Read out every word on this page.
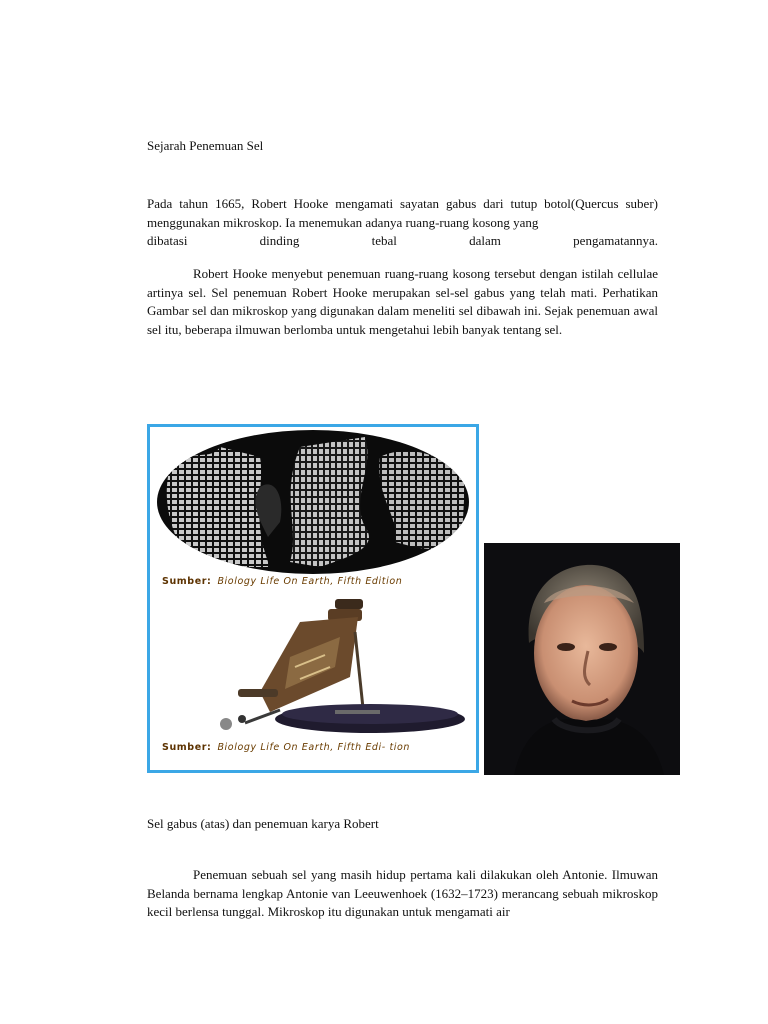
Sejarah Penemuan Sel

Pada tahun 1665, Robert Hooke mengamati sayatan gabus dari tutup botol(Quercus suber) menggunakan mikroskop. Ia menemukan adanya ruang-ruang kosong yang

dibatasi dinding tebal dalam pengamatannya.

Robert Hooke menyebut penemuan ruang-ruang kosong tersebut dengan istilah cellulae artinya sel. Sel penemuan Robert Hooke merupakan sel-sel gabus yang telah mati. Perhatikan Gambar sel dan mikroskop yang digunakan dalam meneliti sel dibawah ini. Sejak penemuan awal sel itu, beberapa ilmuwan berlomba untuk mengetahui lebih banyak tentang sel.

Sumber: Biology Life On Earth, Fifth Edition
Sumber: Biology Life On Earth, Fifth Edi- tion
Sel gabus (atas) dan penemuan karya Robert

Penemuan sebuah sel yang masih hidup pertama kali dilakukan oleh Antonie. Ilmuwan Belanda bernama lengkap Antonie van Leeuwenhoek (1632–1723) merancang sebuah mikroskop kecil berlensa tunggal. Mikroskop itu digunakan untuk mengamati air
